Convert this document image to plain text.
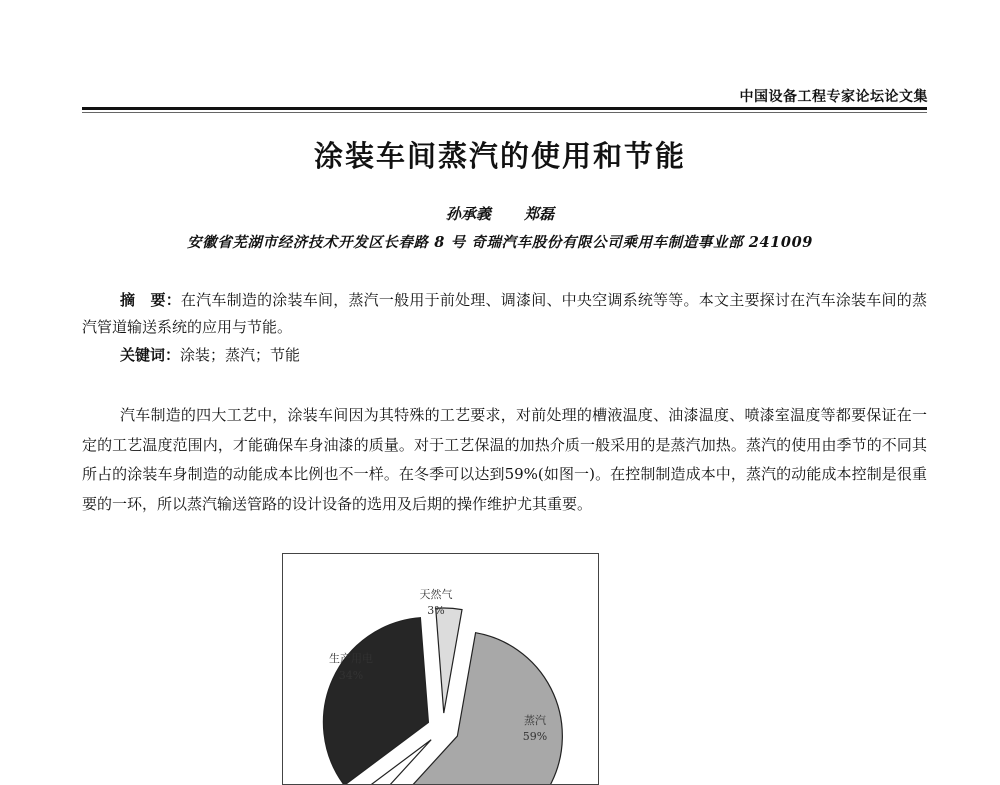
中国设备工程专家论坛论文集
涂装车间蒸汽的使用和节能
孙承義 郑磊
安徽省芜湖市经济技术开发区长春路 8 号 奇瑞汽车股份有限公司乘用车制造事业部 241009

摘　要：在汽车制造的涂装车间，蒸汽一般用于前处理、调漆间、中央空调系统等等。本文主要探讨在汽车涂装车间的蒸汽管道输送系统的应用与节能。

关键词：涂装；蒸汽；节能

汽车制造的四大工艺中，涂装车间因为其特殊的工艺要求，对前处理的槽液温度、油漆温度、喷漆室温度等都要保证在一定的工艺温度范围内，才能确保车身油漆的质量。对于工艺保温的加热介质一般采用的是蒸汽加热。蒸汽的使用由季节的不同其所占的涂装车身制造的动能成本比例也不一样。在冬季可以达到59%(如图一)。在控制制造成本中，蒸汽的动能成本控制是很重要的一环，所以蒸汽输送管路的设计设备的选用及后期的操作维护尤其重要。

天然气
3%
生产用电
34%
蒸汽
59%
